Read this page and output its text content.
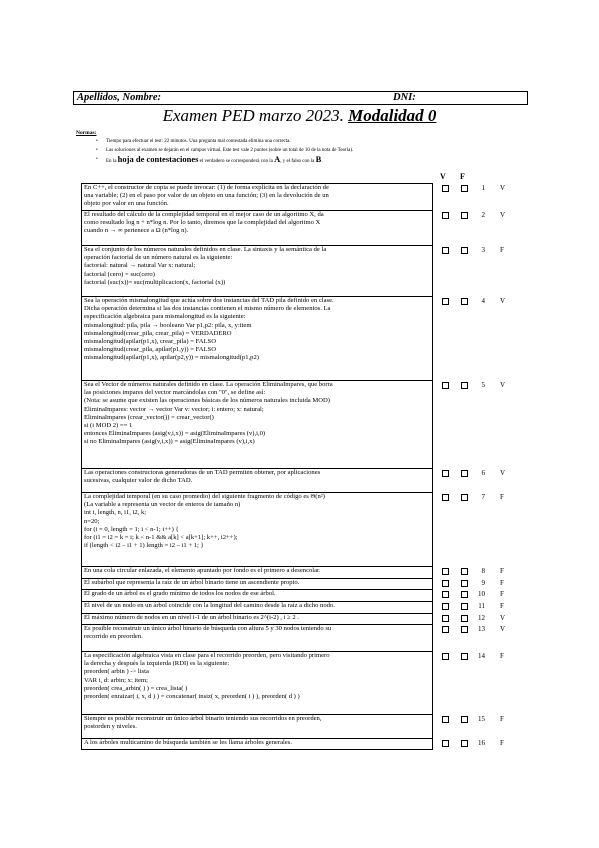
Apellidos, Nombre:	DNI:
Examen PED marzo 2023. Modalidad 0
Normas:
• Tiempo para efectuar el test: 22 minutos. Una pregunta mal contestada elimina una correcta.
• Las soluciones al examen se dejarán en el campus virtual. Este test vale 2 puntos (sobre un total de 10 de la nota de Teoría).
• En la hoja de contestaciones el verdadero se corresponderá con la A, y el falso con la B.
V F
En C++, el constructor de copia se puede invocar: (1) de forma explícita en la declaración de
una variable; (2) en el paso por valor de un objeto en una función; (3) en la devolución de un
objeto por valor en una función.
1 V
El resultado del cálculo de la complejidad temporal en el mejor caso de un algoritmo X, da
como resultado log n + n*log n. Por lo tanto, diremos que la complejidad del algoritmo X
cuando n → ∞ pertenece a Ω (n*log n).
2 V
Sea el conjunto de los números naturales definidos en clase. La sintaxis y la semántica de la
operación factorial de un número natural es la siguiente:
factorial: natural → natural Var x: natural;
factorial (cero) = suc(cero)
factorial (suc(x))= suc(multiplicacion(x, factorial (x))
3 F
Sea la operación mismalongitud que actúa sobre dos instancias del TAD pila definido en clase.
Dicha operación determina si las dos instancias contienen el mismo número de elementos. La
especificación algebraica para mismalongitud es la siguiente:
mismalongitud: pila, pila → booleano Var p1,p2: pila, x, y:item
mismalongitud(crear_pila, crear_pila) = VERDADERO
mismalongitud(apilar(p1,x), crear_pila) = FALSO
mismalongitud(crear_pila, apilar(p1,y)) = FALSO
mismalongitud(apilar(p1,x), apilar(p2,y)) = mismalongitud(p1,p2)
4 V
Sea el Vector de números naturales definido en clase. La operación EliminaImpares, que borra
las posiciones impares del vector marcándolas con "0", se define así:
(Nota: se asume que existen las operaciones básicas de los números naturales incluida MOD)
EliminaImpares: vector → vector Var v: vector; i: entero; x: natural;
EliminaImpares (crear_vector()) = crear_vector()
si (i MOD 2) == 1
entonces EliminaImpares (asig(v,i,x)) = asig(EliminaImpares (v),i,0)
si no EliminaImpares (asig(v,i,x)) = asig(EliminaImpares (v),i,x)
5 V
Las operaciones constructoras generadoras de un TAD permiten obtener, por aplicaciones
sucesivas, cualquier valor de dicho TAD.
6 V
La complejidad temporal (en su caso promedio) del siguiente fragmento de código es Θ(n²)
(La variable a representa un vector de enteros de tamaño n)
int i, length, n, i1, i2, k;
n=20;
for (i = 0, length = 1; i < n-1; i++) {
for (i1 = i2 = k = i; k < n-1 && a[k] < a[k+1]; k++, i2++);
if (length < i2 – i1 + 1) length = i2 – i1 + 1; }
7 F
En una cola circular enlazada, el elemento apuntado por fondo es el primero a desencolar.	8 F
El subárbol que representa la raíz de un árbol binario tiene un ascendiente propio.	9 F
El grado de un árbol es el grado mínimo de todos los nodos de ese árbol.	10 F
El nivel de un nodo en un árbol coincide con la longitud del camino desde la raíz a dicho nodo.	11 F
El máximo número de nodos en un nivel i-1 de un árbol binario es 2^(i-2) , i ≥ 2 .	12 V
Es posible reconstruir un único árbol binario de búsqueda con altura 5 y 30 nodos teniendo su
recorrido en preorden.
13 V
La especificación algebraica vista en clase para el recorrido preorden, pero visitando primero
la derecha y después la izquierda (RDI) es la siguiente:
preorden( arbin ) -> lista
VAR i, d: arbin; x: item;
preorden( crea_arbin( ) ) = crea_lista( )
preorden( enraizar( i, x, d ) ) = concatenar( insiz( x, preorden( i ) ), preorden( d ) )
14 F
Siempre es posible reconstruir un único árbol binario teniendo sus recorridos en preorden,
postorden y niveles.
15 F
A los árboles multicamino de búsqueda también se les llama árboles generales.	16 F
